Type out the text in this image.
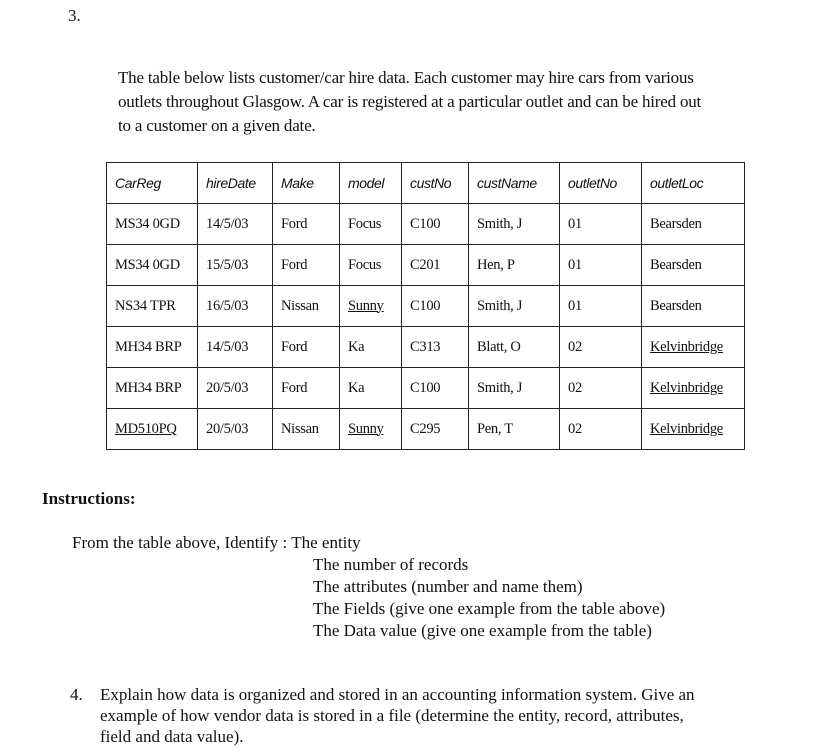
3.
The table below lists customer/car hire data. Each customer may hire cars from various
outlets throughout Glasgow. A car is registered at a particular outlet and can be hired out
to a customer on a given date.
CarReg	hireDate	Make	model	custNo	custName	outletNo	outletLoc
MS34 0GD	14/5/03	Ford	Focus	C100	Smith, J	01	Bearsden
MS34 0GD	15/5/03	Ford	Focus	C201	Hen, P	01	Bearsden
NS34 TPR	16/5/03	Nissan	Sunny	C100	Smith, J	01	Bearsden
MH34 BRP	14/5/03	Ford	Ka	C313	Blatt, O	02	Kelvinbridge
MH34 BRP	20/5/03	Ford	Ka	C100	Smith, J	02	Kelvinbridge
MD510PQ	20/5/03	Nissan	Sunny	C295	Pen, T	02	Kelvinbridge
Instructions:
From the table above, Identify : The entity
The number of records
The attributes (number and name them)
The Fields (give one example from the table above)
The Data value (give one example from the table)
4. Explain how data is organized and stored in an accounting information system. Give an
example of how vendor data is stored in a file (determine the entity, record, attributes,
field and data value).
